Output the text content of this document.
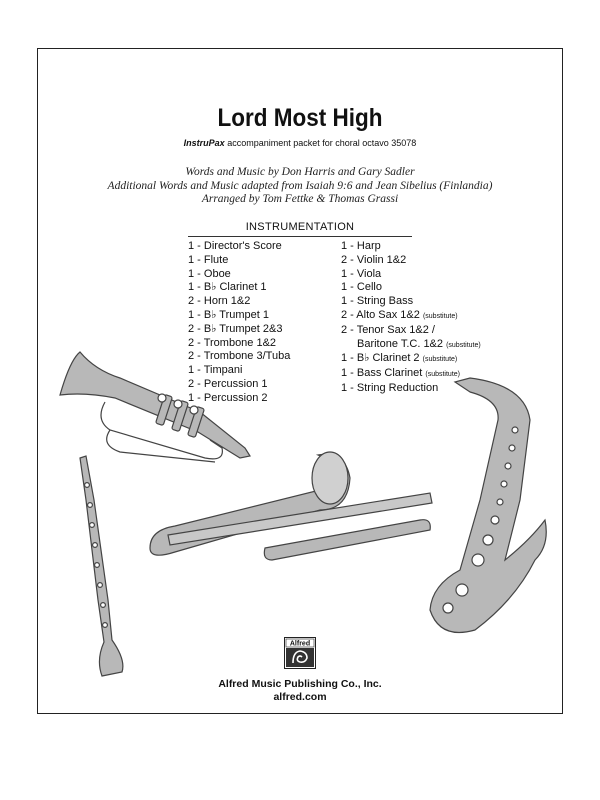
Lord Most High
InstruPax accompaniment packet for choral octavo 35078
Words and Music by Don Harris and Gary Sadler
Additional Words and Music adapted from Isaiah 9:6 and Jean Sibelius (Finlandia)
Arranged by Tom Fettke & Thomas Grassi
INSTRUMENTATION
1 - Director's Score
1 - Flute
1 - Oboe
1 - B♭ Clarinet 1
2 - Horn 1&2
1 - B♭ Trumpet 1
2 - B♭ Trumpet 2&3
2 - Trombone 1&2
2 - Trombone 3/Tuba
1 - Timpani
2 - Percussion 1
1 - Percussion 2
1 - Harp
2 - Violin 1&2
1 - Viola
1 - Cello
1 - String Bass
2 - Alto Sax 1&2 (substitute)
2 - Tenor Sax 1&2 /
Baritone T.C. 1&2 (substitute)
1 - B♭ Clarinet 2 (substitute)
1 - Bass Clarinet (substitute)
1 - String Reduction
Alfred
Alfred Music Publishing Co., Inc.
alfred.com
